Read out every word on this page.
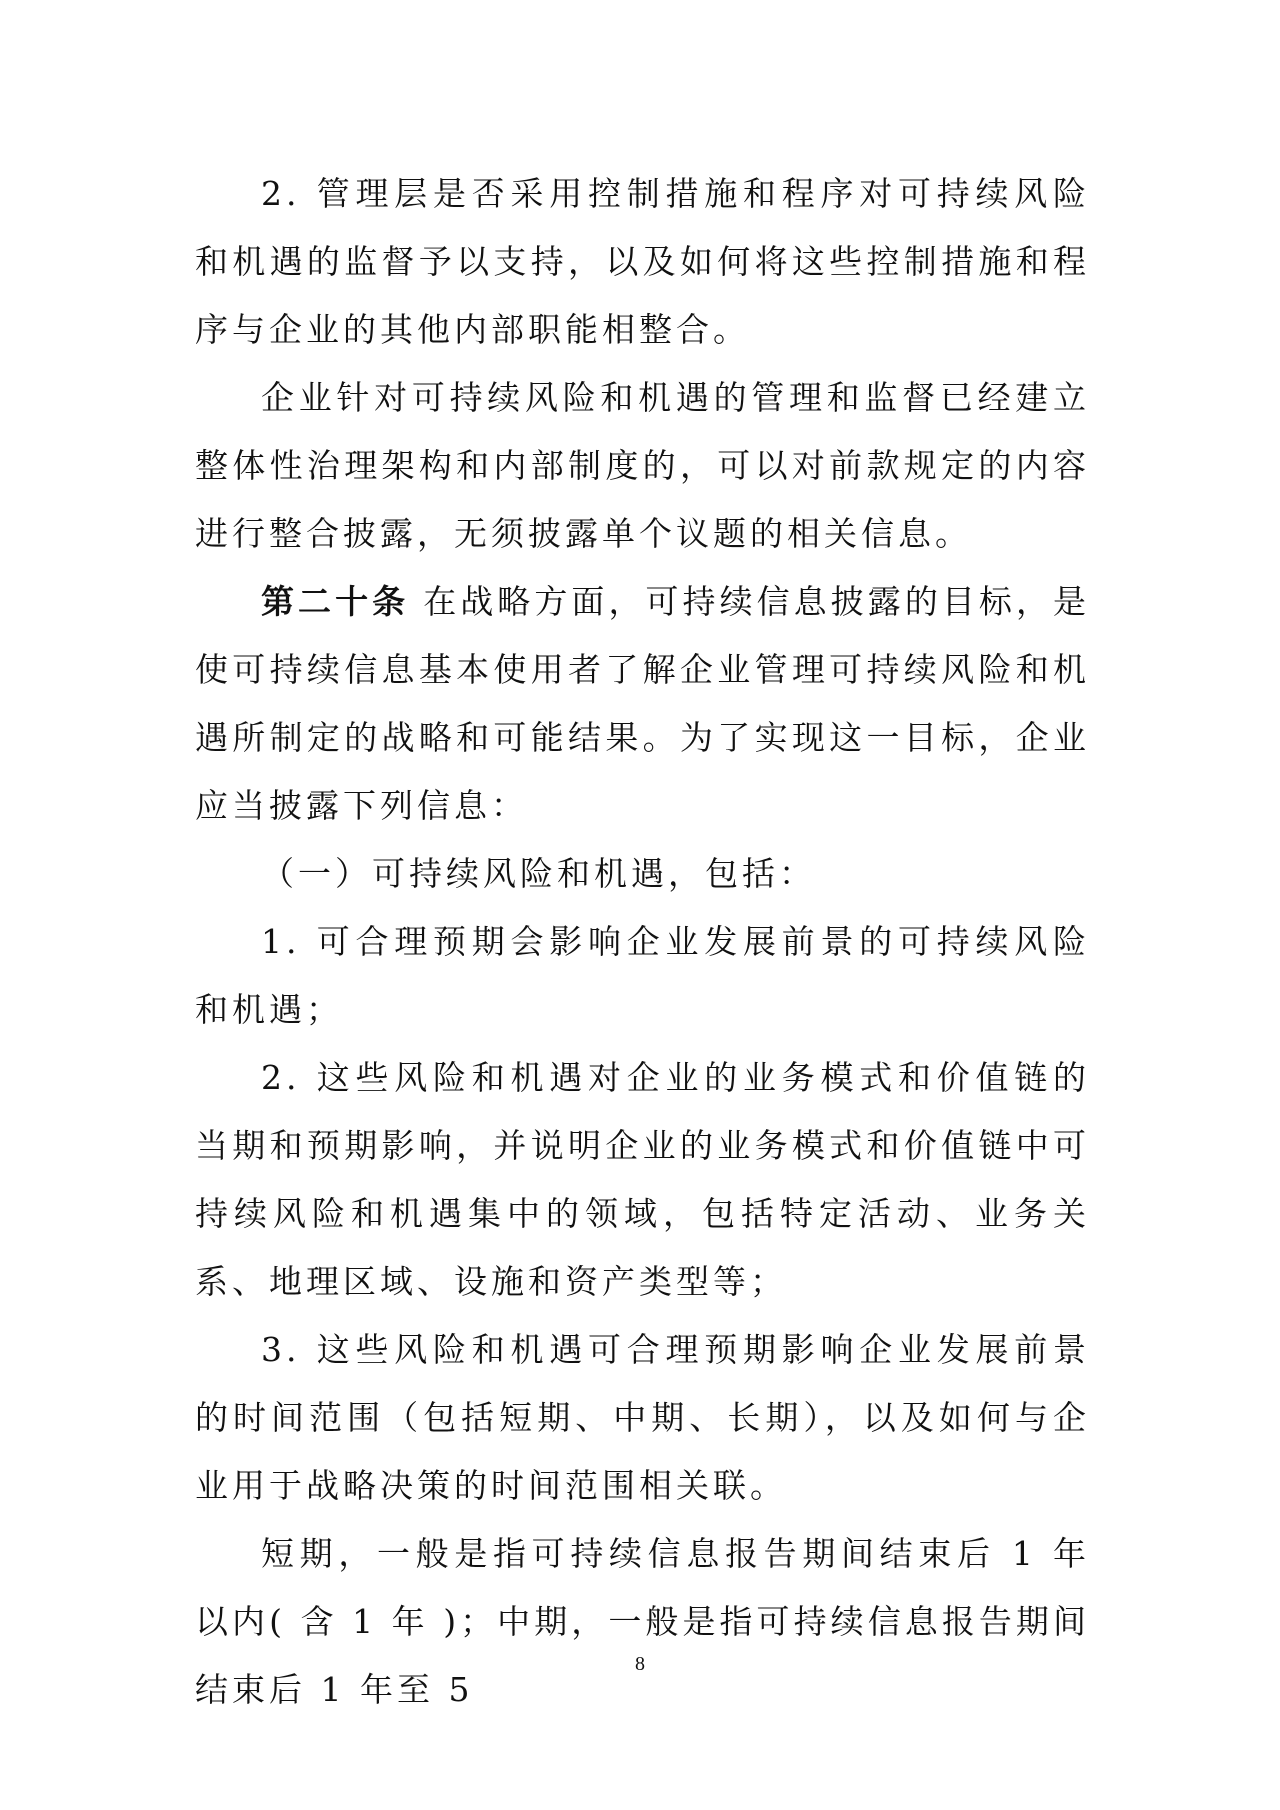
2. 管理层是否采用控制措施和程序对可持续风险和机遇的监督予以支持，以及如何将这些控制措施和程序与企业的其他内部职能相整合。

企业针对可持续风险和机遇的管理和监督已经建立整体性治理架构和内部制度的，可以对前款规定的内容进行整合披露，无须披露单个议题的相关信息。

第二十条 在战略方面，可持续信息披露的目标，是使可持续信息基本使用者了解企业管理可持续风险和机遇所制定的战略和可能结果。为了实现这一目标，企业应当披露下列信息：

（一）可持续风险和机遇，包括：

1. 可合理预期会影响企业发展前景的可持续风险和机遇；

2. 这些风险和机遇对企业的业务模式和价值链的当期和预期影响，并说明企业的业务模式和价值链中可持续风险和机遇集中的领域，包括特定活动、业务关系、地理区域、设施和资产类型等；

3. 这些风险和机遇可合理预期影响企业发展前景的时间范围（包括短期、中期、长期），以及如何与企业用于战略决策的时间范围相关联。

短期，一般是指可持续信息报告期间结束后 1 年以内( 含 1 年 )；中期，一般是指可持续信息报告期间结束后 1 年至 5

8
